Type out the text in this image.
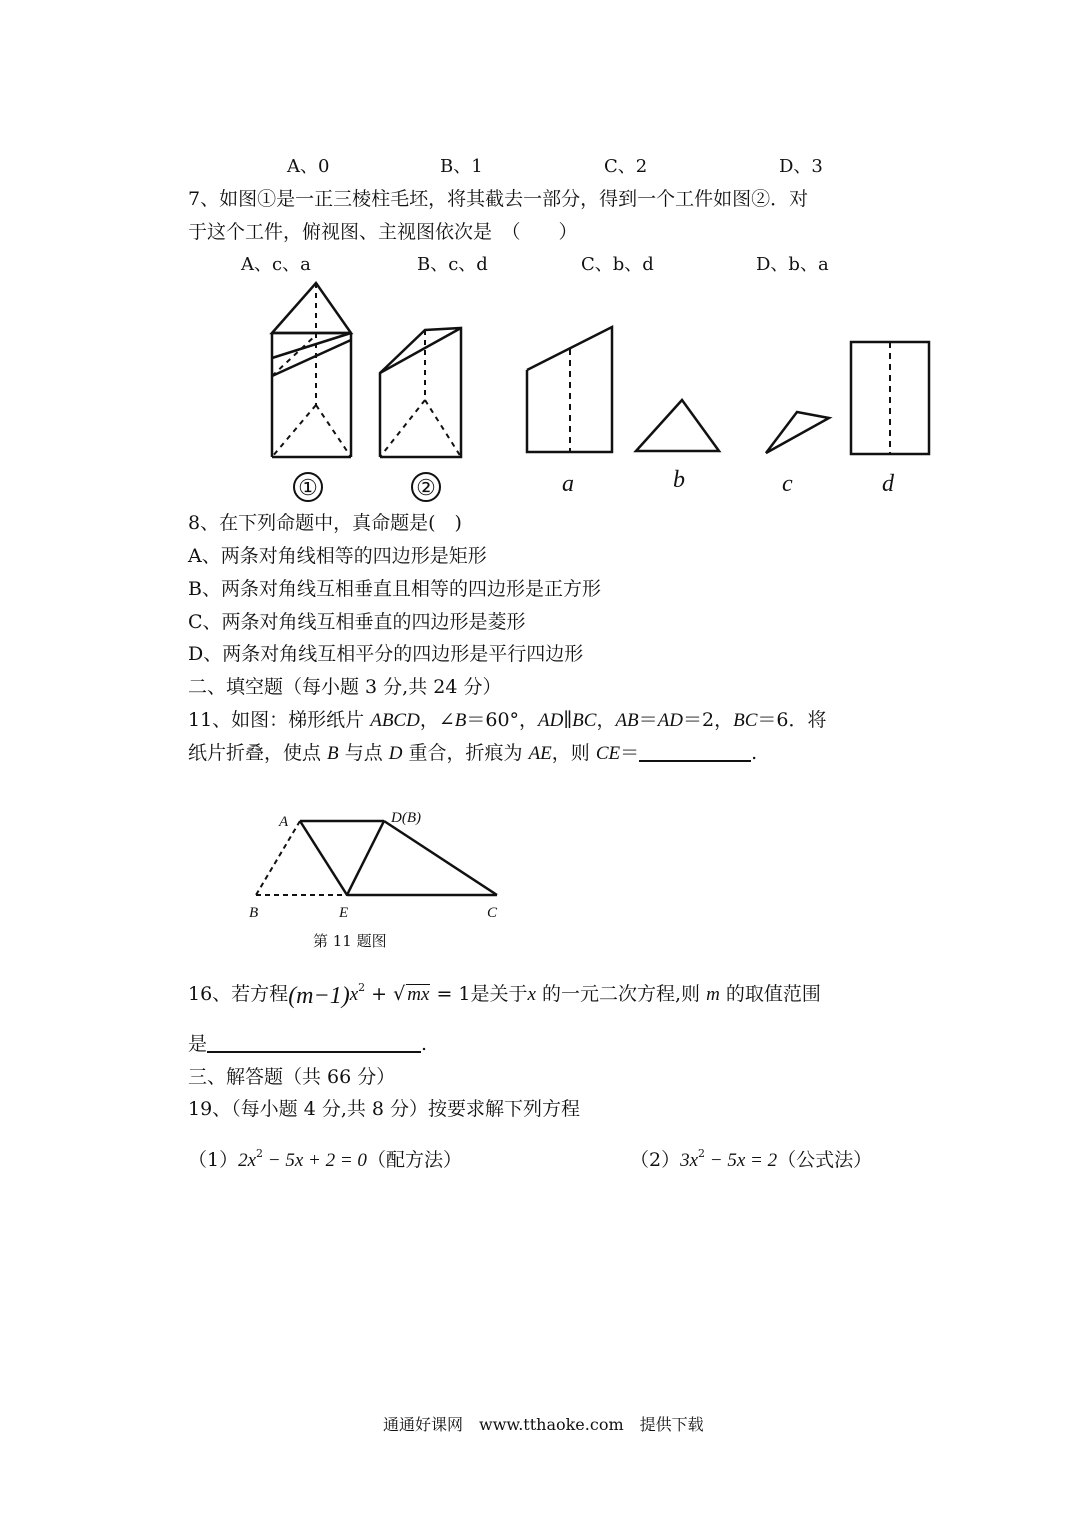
A、0	B、1	C、2	D、3
7、如图①是一正三棱柱毛坯，将其截去一部分，得到一个工件如图②．对
于这个工件，俯视图、主视图依次是　（　　）
A、c、a	B、c、d	C、b、d	D、b、a
①	②	a	b	c	d
8、在下列命题中，真命题是(　)
A、两条对角线相等的四边形是矩形
B、两条对角线互相垂直且相等的四边形是正方形
C、两条对角线互相垂直的四边形是菱形
D、两条对角线互相平分的四边形是平行四边形
二、填空题（每小题 3 分,共 24 分）
11、如图：梯形纸片 ABCD，∠B＝60°，AD∥BC，AB＝AD＝2，BC＝6．将
纸片折叠，使点 B 与点 D 重合，折痕为 AE，则 CE＝	.
A	D(B)
B	E	C
第 11 题图
16、若方程$(m-1)x^2$ + √ mx = 1是关于x 的一元二次方程,则 m 的取值范围
是	.
三、解答题（共 66 分）
19、（每小题 4 分,共 8 分）按要求解下列方程
$(1)2x^2 - 5x + 2 = 0$（配方法）	$(2)3x^2 - 5x = 2$（公式法）
通通好课网　www.tthaoke.com　提供下载
